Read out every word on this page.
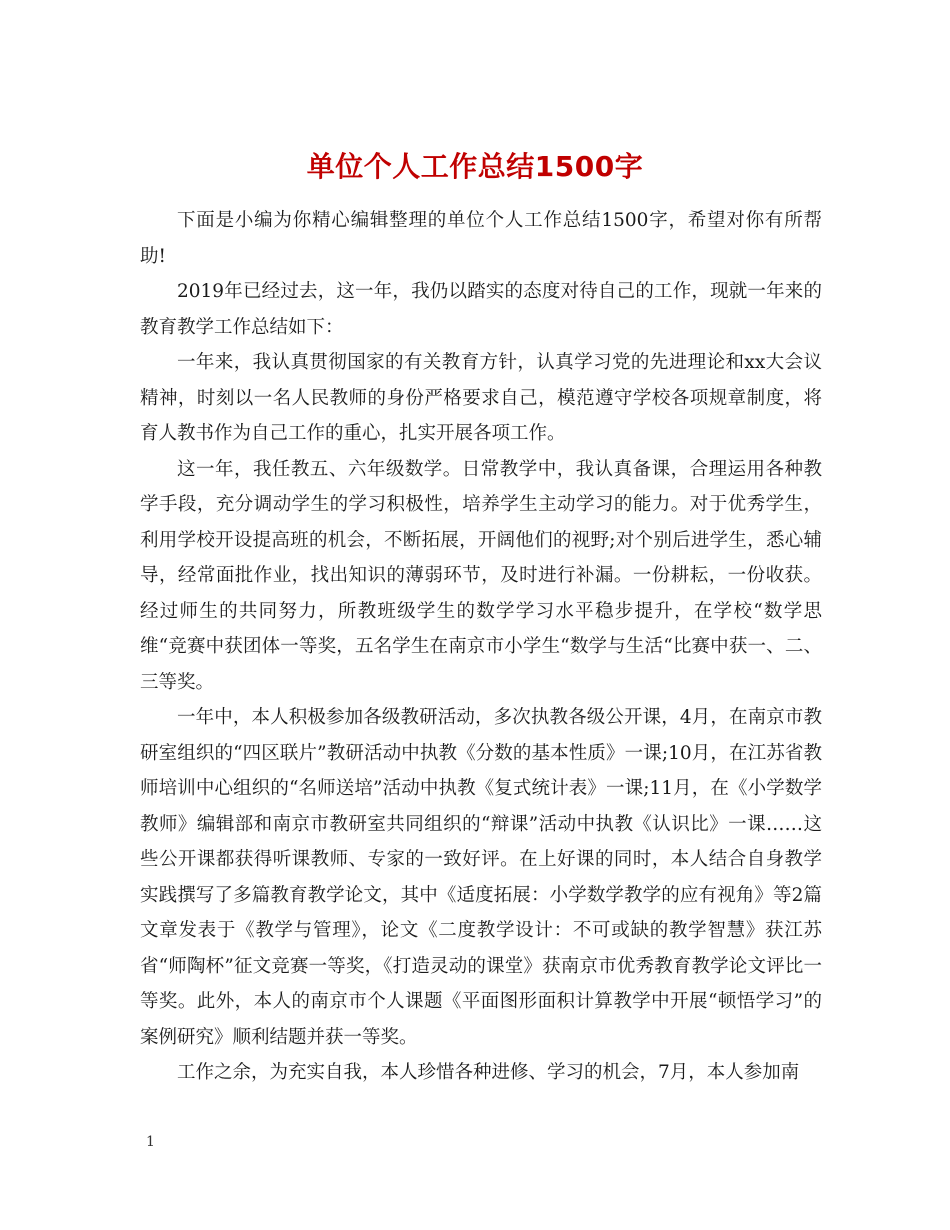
单位个人工作总结1500字

下面是小编为你精心编辑整理的单位个人工作总结1500字，希望对你有所帮助!

2019年已经过去，这一年，我仍以踏实的态度对待自己的工作，现就一年来的教育教学工作总结如下：

一年来，我认真贯彻国家的有关教育方针，认真学习党的先进理论和xx大会议精神，时刻以一名人民教师的身份严格要求自己，模范遵守学校各项规章制度，将育人教书作为自己工作的重心，扎实开展各项工作。

这一年，我任教五、六年级数学。日常教学中，我认真备课，合理运用各种教学手段，充分调动学生的学习积极性，培养学生主动学习的能力。对于优秀学生，利用学校开设提高班的机会，不断拓展，开阔他们的视野;对个别后进学生，悉心辅导，经常面批作业，找出知识的薄弱环节，及时进行补漏。一份耕耘，一份收获。经过师生的共同努力，所教班级学生的数学学习水平稳步提升，在学校“数学思维“竞赛中获团体一等奖，五名学生在南京市小学生“数学与生活“比赛中获一、二、三等奖。

一年中，本人积极参加各级教研活动，多次执教各级公开课，4月，在南京市教研室组织的“四区联片”教研活动中执教《分数的基本性质》一课;10月，在江苏省教师培训中心组织的“名师送培”活动中执教《复式统计表》一课;11月，在《小学数学教师》编辑部和南京市教研室共同组织的“辩课”活动中执教《认识比》一课……这些公开课都获得听课教师、专家的一致好评。在上好课的同时，本人结合自身教学实践撰写了多篇教育教学论文，其中《适度拓展：小学数学教学的应有视角》等2篇文章发表于《教学与管理》，论文《二度教学设计：不可或缺的教学智慧》获江苏省“师陶杯”征文竞赛一等奖，《打造灵动的课堂》获南京市优秀教育教学论文评比一等奖。此外，本人的南京市个人课题《平面图形面积计算教学中开展“顿悟学习”的案例研究》顺利结题并获一等奖。

工作之余，为充实自我，本人珍惜各种进修、学习的机会，7月，本人参加南

1
